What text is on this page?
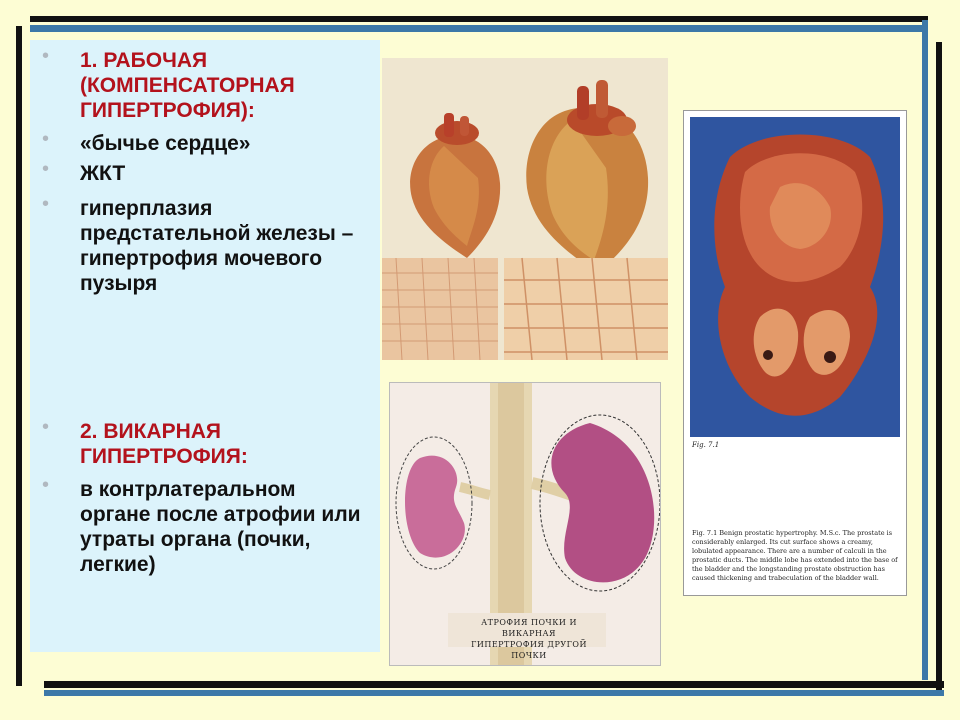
• 1. РАБОЧАЯ (КОМПЕНСАТОРНАЯ ГИПЕРТРОФИЯ):
• «бычье сердце»
• ЖКТ
• гиперплазия предстательной железы – гипертрофия мочевого пузыря
• 2. ВИКАРНАЯ ГИПЕРТРОФИЯ:
• в контрлатеральном органе после атрофии или утраты органа (почки, легкие)
АТРОФИЯ ПОЧКИ И ВИКАРНАЯ ГИПЕРТРОФИЯ ДРУГОЙ ПОЧКИ
Fig. 7.1
Fig. 7.1 Benign prostatic hypertrophy. M.S.c. The prostate is considerably enlarged. Its cut surface shows a creamy, lobulated appearance. There are a number of calculi in the prostatic ducts. The middle lobe has extended into the base of the bladder and the longstanding prostate obstruction has caused thickening and trabeculation of the bladder wall.
